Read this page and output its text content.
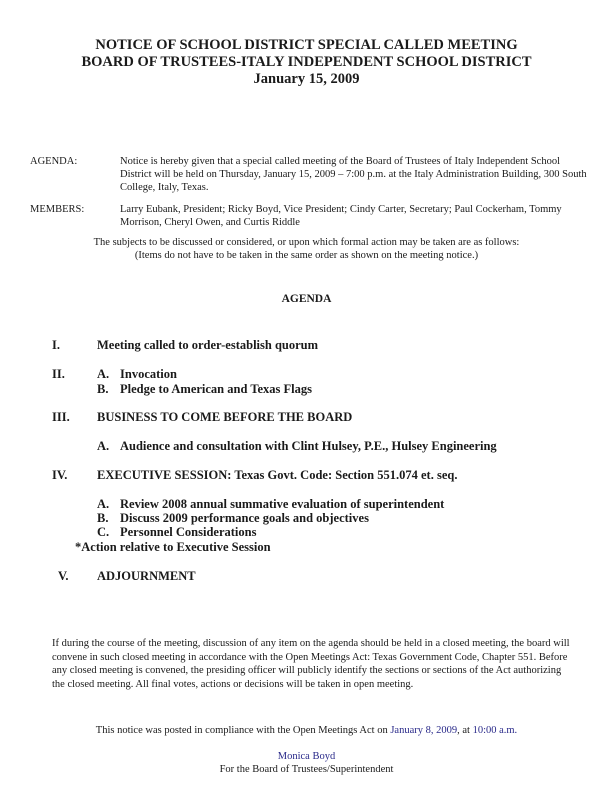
NOTICE OF SCHOOL DISTRICT SPECIAL CALLED MEETING
BOARD OF TRUSTEES-ITALY INDEPENDENT SCHOOL DISTRICT
January 15, 2009
AGENDA:	Notice is hereby given that a special called meeting of the Board of Trustees of Italy Independent School District will be held on Thursday, January 15, 2009 – 7:00 p.m. at the Italy Administration Building, 300 South College, Italy, Texas.
MEMBERS:	Larry Eubank, President; Ricky Boyd, Vice President; Cindy Carter, Secretary; Paul Cockerham, Tommy Morrison, Cheryl Owen, and Curtis Riddle
The subjects to be discussed or considered, or upon which formal action may be taken are as follows:
(Items do not have to be taken in the same order as shown on the meeting notice.)
AGENDA
I.	Meeting called to order-establish quorum
II.	A. Invocation
B. Pledge to American and Texas Flags
III. BUSINESS TO COME BEFORE THE BOARD
A. Audience and consultation with Clint Hulsey, P.E., Hulsey Engineering
IV. EXECUTIVE SESSION: Texas Govt. Code: Section 551.074 et. seq.
A. Review 2008 annual summative evaluation of superintendent
B. Discuss 2009 performance goals and objectives
C. Personnel Considerations
*Action relative to Executive Session
V. ADJOURNMENT
If during the course of the meeting, discussion of any item on the agenda should be held in a closed meeting, the board will convene in such closed meeting in accordance with the Open Meetings Act: Texas Government Code, Chapter 551. Before any closed meeting is convened, the presiding officer will publicly identify the sections or sections of the Act authorizing the closed meeting. All final votes, actions or decisions will be taken in open meeting.
This notice was posted in compliance with the Open Meetings Act on January 8, 2009, at 10:00 a.m.
Monica Boyd
For the Board of Trustees/Superintendent
